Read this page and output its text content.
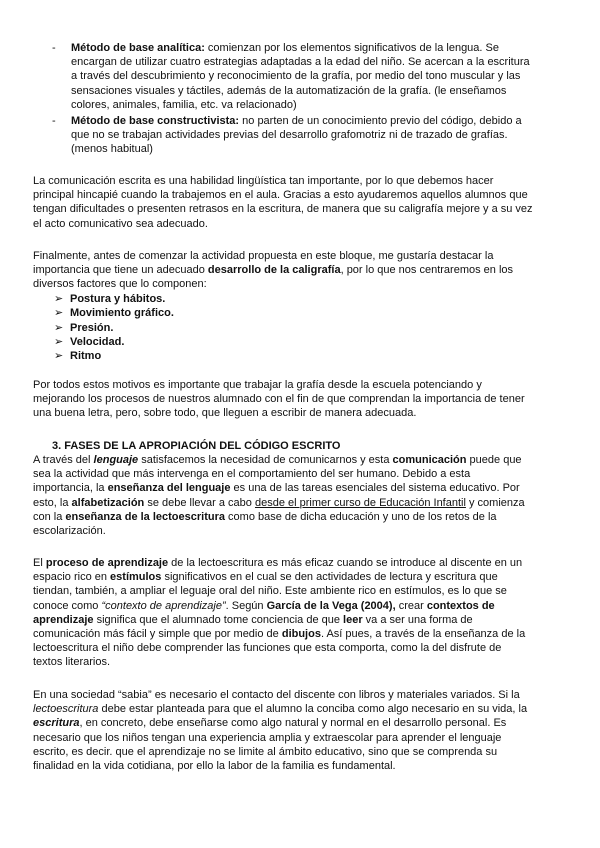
- Método de base analítica: comienzan por los elementos significativos de la lengua. Se encargan de utilizar cuatro estrategias adaptadas a la edad del niño. Se acercan a la escritura a través del descubrimiento y reconocimiento de la grafía, por medio del tono muscular y las sensaciones visuales y táctiles, además de la automatización de la grafía. (le enseñamos colores, animales, familia, etc. va relacionado)
- Método de base constructivista: no parten de un conocimiento previo del código, debido a que no se trabajan actividades previas del desarrollo grafomotriz ni de trazado de grafías. (menos habitual)

La comunicación escrita es una habilidad lingüística tan importante, por lo que debemos hacer principal hincapié cuando la trabajemos en el aula. Gracias a esto ayudaremos aquellos alumnos que tengan dificultades o presenten retrasos en la escritura, de manera que su caligrafía mejore y a su vez el acto comunicativo sea adecuado.

Finalmente, antes de comenzar la actividad propuesta en este bloque, me gustaría destacar la importancia que tiene un adecuado desarrollo de la caligrafía, por lo que nos centraremos en los diversos factores que lo componen:

➢ Postura y hábitos.
➢ Movimiento gráfico.
➢ Presión.
➢ Velocidad.
➢ Ritmo

Por todos estos motivos es importante que trabajar la grafía desde la escuela potenciando y mejorando los procesos de nuestros alumnado con el fin de que comprendan la importancia de tener una buena letra, pero, sobre todo, que lleguen a escribir de manera adecuada.

3. FASES DE LA APROPIACIÓN DEL CÓDIGO ESCRITO

A través del lenguaje satisfacemos la necesidad de comunicarnos y esta comunicación puede que sea la actividad que más intervenga en el comportamiento del ser humano. Debido a esta importancia, la enseñanza del lenguaje es una de las tareas esenciales del sistema educativo. Por esto, la alfabetización se debe llevar a cabo desde el primer curso de Educación Infantil y comienza con la enseñanza de la lectoescritura como base de dicha educación y uno de los retos de la escolarización.

El proceso de aprendizaje de la lectoescritura es más eficaz cuando se introduce al discente en un espacio rico en estímulos significativos en el cual se den actividades de lectura y escritura que tiendan, también, a ampliar el leguaje oral del niño. Este ambiente rico en estímulos, es lo que se conoce como “contexto de aprendizaje”. Según García de la Vega (2004), crear contextos de aprendizaje significa que el alumnado tome conciencia de que leer va a ser una forma de comunicación más fácil y simple que por medio de dibujos. Así pues, a través de la enseñanza de la lectoescritura el niño debe comprender las funciones que esta comporta, como la del disfrute de textos literarios.

En una sociedad “sabia” es necesario el contacto del discente con libros y materiales variados. Si la lectoescritura debe estar planteada para que el alumno la conciba como algo necesario en su vida, la escritura, en concreto, debe enseñarse como algo natural y normal en el desarrollo personal. Es necesario que los niños tengan una experiencia amplia y extraescolar para aprender el lenguaje escrito, es decir. que el aprendizaje no se limite al ámbito educativo, sino que se comprenda su finalidad en la vida cotidiana, por ello la labor de la familia es fundamental.
